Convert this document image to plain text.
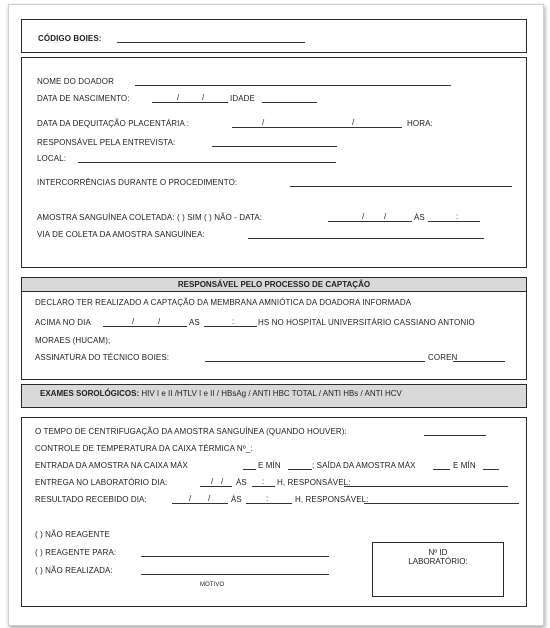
CÓDIGO BOIES:
NOME DO DOADOR
DATA DE NASCIMENTO:	/	/	IDADE
DATA DA DEQUITAÇÃO PLACENTÁRIA :	/	/	HORA:
RESPONSÁVEL PELA ENTREVISTA:
LOCAL:
INTERCORRÊNCIAS DURANTE O PROCEDIMENTO:
AMOSTRA SANGUÍNEA COLETADA: ( ) SIM ( ) NÃO - DATA:	/ /	ÀS	:
VIA DE COLETA DA AMOSTRA SANGUÍNEA:
RESPONSÁVEL PELO PROCESSO DE CAPTAÇÃO
DECLARO TER REALIZADO A CAPTAÇÃO DA MEMBRANA AMNIÓTICA DA DOADORA INFORMADA
ACIMA NO DIA	/	/	AS	:	HS NO HOSPITAL UNIVERSITÁRIO CASSIANO ANTONIO
MORAES (HUCAM);
ASSINATURA DO TÉCNICO BOIES:	COREN
EXAMES SOROLÓGICOS: HIV I e II /HTLV I e II / HBsAg / ANTI HBC TOTAL / ANTI HBs / ANTI HCV
O TEMPO DE CENTRIFUGAÇÃO DA AMOSTRA SANGUÍNEA (QUANDO HOUVER):
CONTROLE DE TEMPERATURA DA CAIXA TÉRMICA Nº_:
ENTRADA DA AMOSTRA NA CAIXA MÁX	E MÍN	; SAÍDA DA AMOSTRA MÁX	E MÍN
ENTREGA NO LABORATÓRIO DIA:	/ / ÀS : H, RESPONSÁVEL:
RESULTADO RECEBIDO DIA:	/ /	ÀS	:	H, RESPONSÁVEL:
( ) NÃO REAGENTE
( ) REAGENTE PARA:
( ) NÃO REALIZADA:
MOTIVO
Nº ID
LABORATÓRIO:
